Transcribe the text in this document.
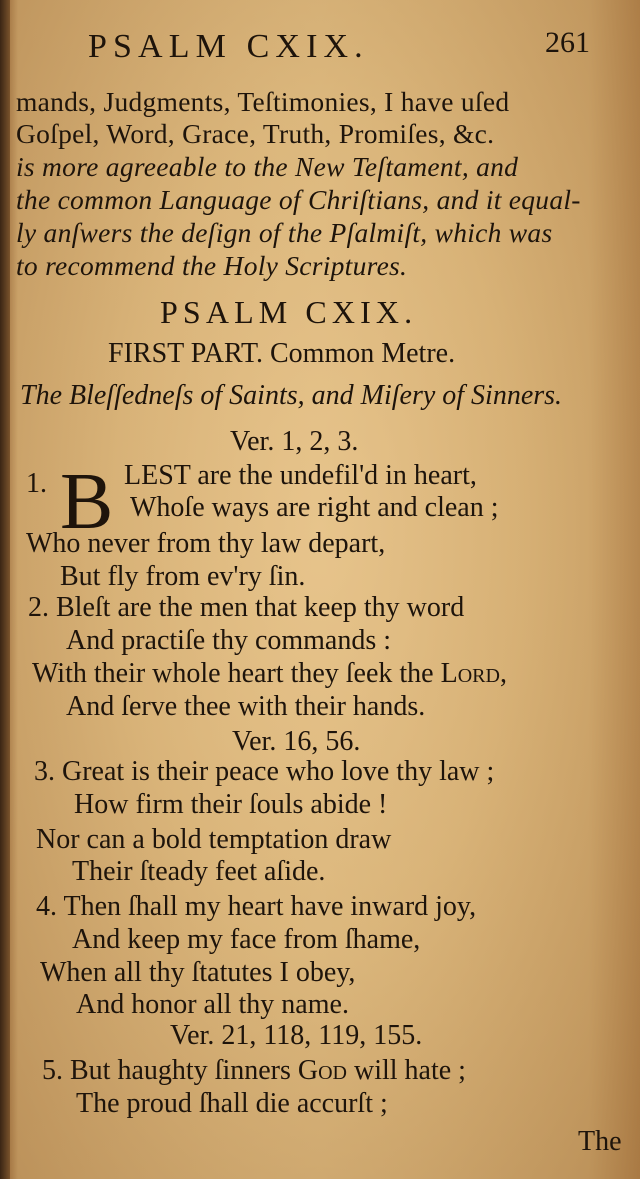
PSALM CXIX.	261
mands, Judgments, Teſtimonies, I have uſed
Goſpel, Word, Grace, Truth, Promiſes, &c.
is more agreeable to the New Teſtament, and
the common Language of Chriſtians, and it equal-
ly anſwers the deſign of the Pſalmiſt, which was
to recommend the Holy Scriptures.
PSALM CXIX.
FIRST PART. Common Metre.
The Bleſſedneſs of Saints, and Miſery of Sinners.
Ver. 1, 2, 3.
1. B LEST are the undefil'd in heart,
Whoſe ways are right and clean ;
Who never from thy law depart,
But fly from ev'ry ſin.
2. Bleſt are the men that keep thy word
And practiſe thy commands :
With their whole heart they ſeek the Lord,
And ſerve thee with their hands.
Ver. 16, 56.
3. Great is their peace who love thy law ;
How firm their ſouls abide !
Nor can a bold temptation draw
Their ſteady feet aſide.
4. Then ſhall my heart have inward joy,
And keep my face from ſhame,
When all thy ſtatutes I obey,
And honor all thy name.
Ver. 21, 118, 119, 155.
5. But haughty ſinners God will hate ;
The proud ſhall die accurſt ;
The
